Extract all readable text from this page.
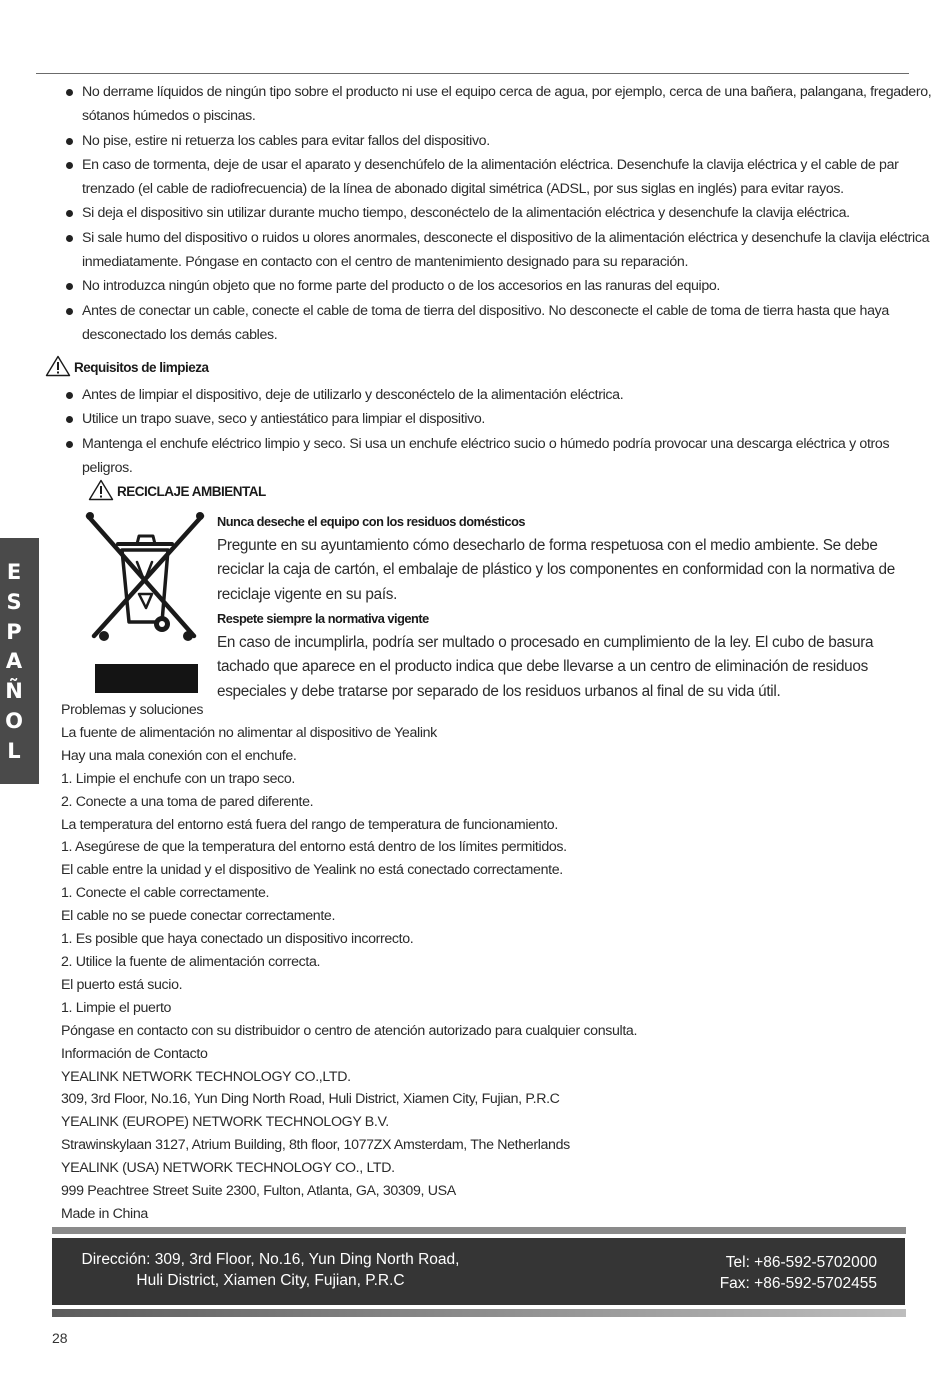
No derrame líquidos de ningún tipo sobre el producto ni use el equipo cerca de agua, por ejemplo, cerca de una bañera, palangana, fregadero, sótanos húmedos o piscinas.
No pise, estire ni retuerza los cables para evitar fallos del dispositivo.
En caso de tormenta, deje de usar el aparato y desenchúfelo de la alimentación eléctrica. Desenchufe la clavija eléctrica y el cable de par trenzado (el cable de radiofrecuencia) de la línea de abonado digital simétrica (ADSL, por sus siglas en inglés) para evitar rayos.
Si deja el dispositivo sin utilizar durante mucho tiempo, desconéctelo de la alimentación eléctrica y desenchufe la clavija eléctrica.
Si sale humo del dispositivo o ruidos u olores anormales, desconecte el dispositivo de la alimentación eléctrica y desenchufe la clavija eléctrica inmediatamente. Póngase en contacto con el centro de mantenimiento designado para su reparación.
No introduzca ningún objeto que no forme parte del producto o de los accesorios en las ranuras del equipo.
Antes de conectar un cable, conecte el cable de toma de tierra del dispositivo. No desconecte el cable de toma de tierra hasta que haya desconectado los demás cables.
Requisitos de limpieza
Antes de limpiar el dispositivo, deje de utilizarlo y desconéctelo de la alimentación eléctrica.
Utilice un trapo suave, seco y antiestático para limpiar el dispositivo.
Mantenga el enchufe eléctrico limpio y seco. Si usa un enchufe eléctrico sucio o húmedo podría provocar una descarga eléctrica y otros peligros.
RECICLAJE AMBIENTAL
Nunca deseche el equipo con los residuos domésticos

Pregunte en su ayuntamiento cómo desecharlo de forma respetuosa con el medio ambiente. Se debe reciclar la caja de cartón, el embalaje de plástico y los componentes en conformidad con la normativa de reciclaje vigente en su país.

Respete siempre la normativa vigente

En caso de incumplirla, podría ser multado o procesado en cumplimiento de la ley. El cubo de basura tachado que aparece en el producto indica que debe llevarse a un centro de eliminación de residuos especiales y debe tratarse por separado de los residuos urbanos al final de su vida útil.

Problemas y soluciones
La fuente de alimentación no alimentar al dispositivo de Yealink
Hay una mala conexión con el enchufe.
1. Limpie el enchufe con un trapo seco.
2. Conecte a una toma de pared diferente.
La temperatura del entorno está fuera del rango de temperatura de funcionamiento.
1. Asegúrese de que la temperatura del entorno está dentro de los límites permitidos.
El cable entre la unidad y el dispositivo de Yealink no está conectado correctamente.
1. Conecte el cable correctamente.
El cable no se puede conectar correctamente.
1. Es posible que haya conectado un dispositivo incorrecto.
2. Utilice la fuente de alimentación correcta.
El puerto está sucio.
1. Limpie el puerto
Póngase en contacto con su distribuidor o centro de atención autorizado para cualquier consulta.
Información de Contacto
YEALINK NETWORK TECHNOLOGY CO.,LTD.
309, 3rd Floor, No.16, Yun Ding North Road, Huli District, Xiamen City, Fujian, P.R.C
YEALINK (EUROPE) NETWORK TECHNOLOGY B.V.
Strawinskylaan 3127, Atrium Building, 8th floor, 1077ZX Amsterdam, The Netherlands
YEALINK (USA) NETWORK TECHNOLOGY CO., LTD.
999 Peachtree Street Suite 2300, Fulton, Atlanta, GA, 30309, USA
Made in China
E
S
P
A
Ñ
O
L
Dirección: 309, 3rd Floor, No.16, Yun Ding North Road,
Huli District, Xiamen City, Fujian, P.R.C
Tel: +86-592-5702000
Fax: +86-592-5702455
28
